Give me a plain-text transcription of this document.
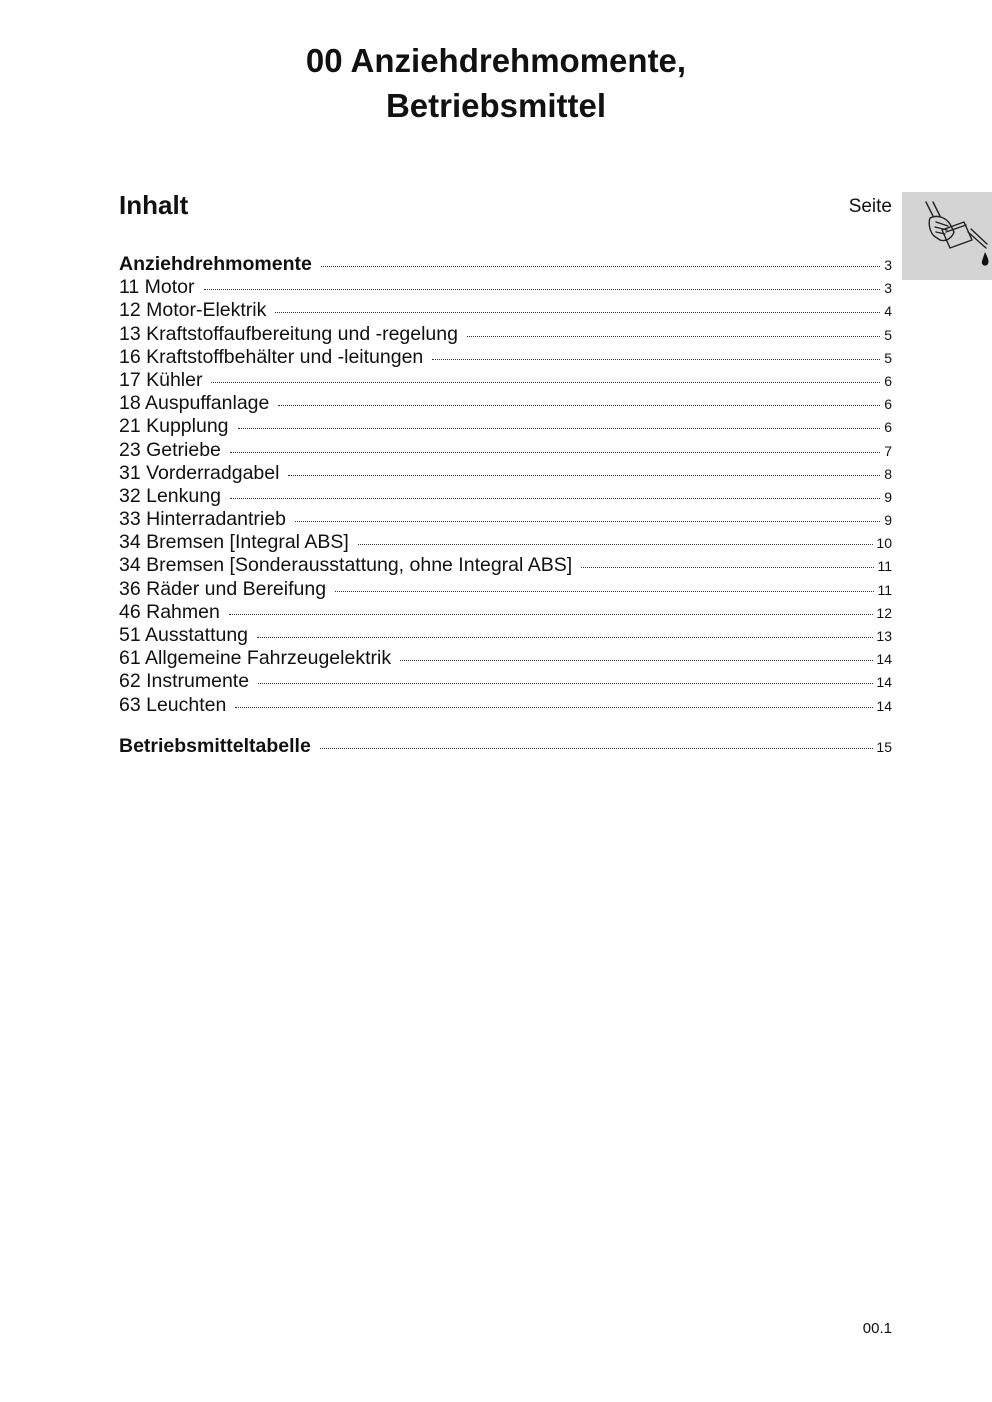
00 Anziehdrehmomente,
Betriebsmittel
Inhalt	Seite
Anziehdrehmomente	3
11 Motor	3
12 Motor-Elektrik	4
13 Kraftstoffaufbereitung und -regelung	5
16 Kraftstoffbehälter und -leitungen	5
17 Kühler	6
18 Auspuffanlage	6
21 Kupplung	6
23 Getriebe	7
31 Vorderradgabel	8
32 Lenkung	9
33 Hinterradantrieb	9
34 Bremsen [Integral ABS]	10
34 Bremsen [Sonderausstattung, ohne Integral ABS]	11
36 Räder und Bereifung	11
46 Rahmen	12
51 Ausstattung	13
61 Allgemeine Fahrzeugelektrik	14
62 Instrumente	14
63 Leuchten	14
Betriebsmitteltabelle	15
00.1
